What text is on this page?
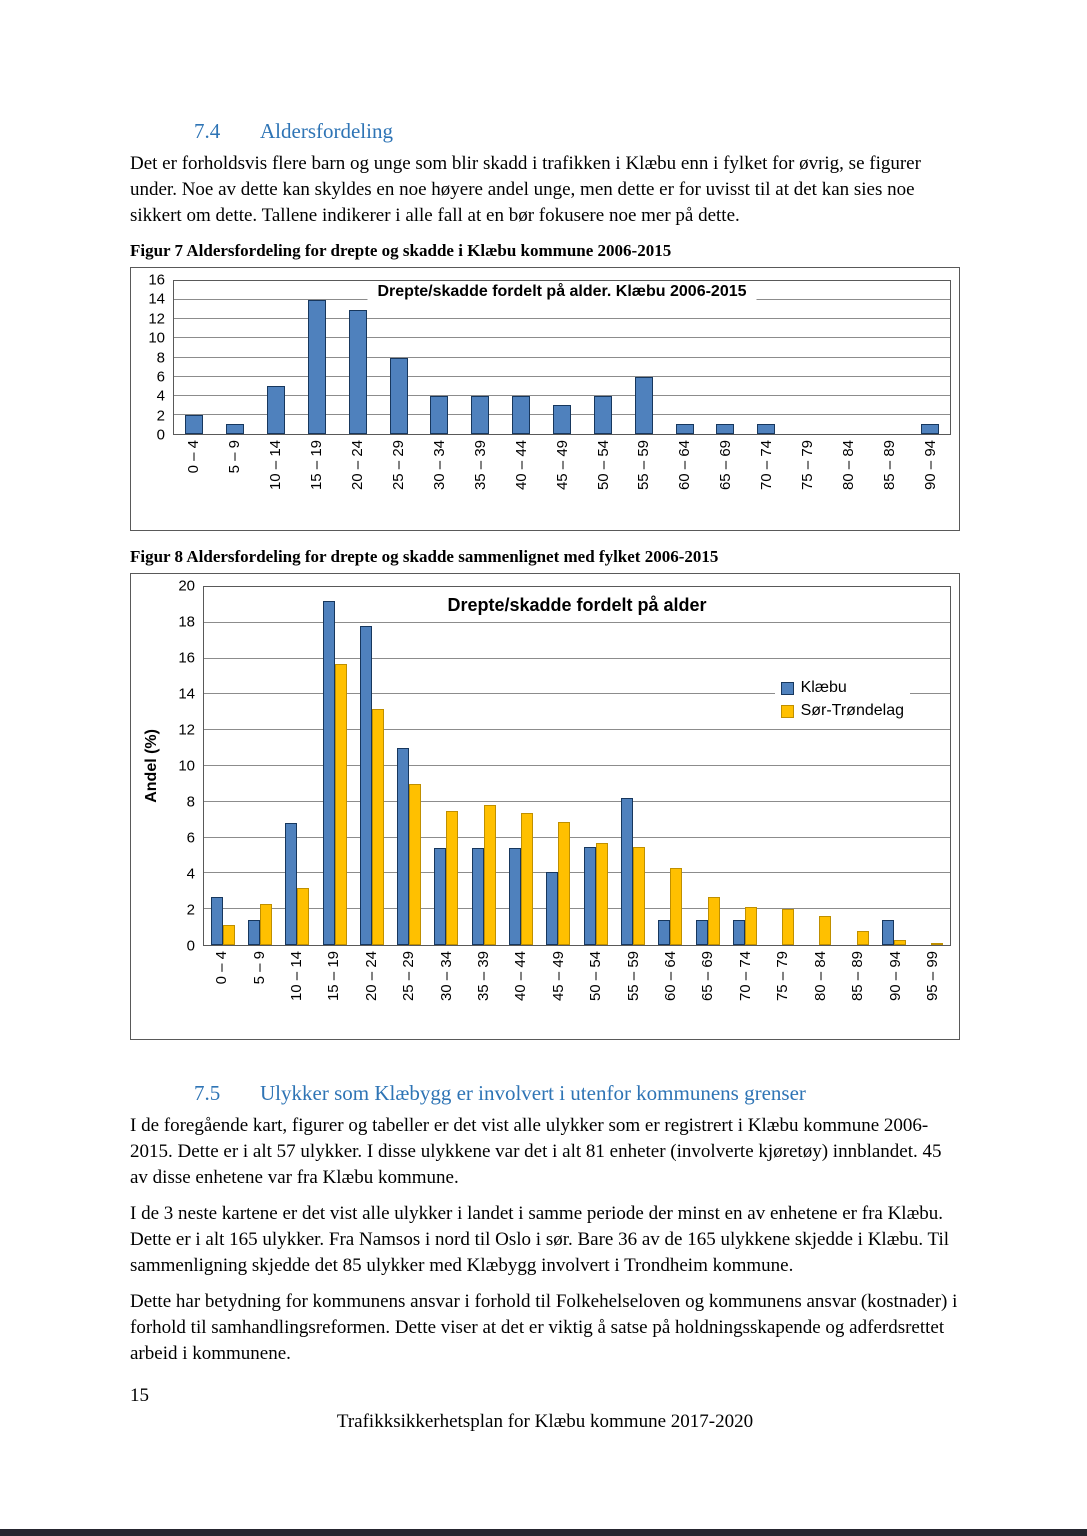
7.4	Aldersfordeling

Det er forholdsvis flere barn og unge som blir skadd i trafikken i Klæbu enn i fylket for øvrig, se figurer under. Noe av dette kan skyldes en noe høyere andel unge, men dette er for uvisst til at det kan sies noe sikkert om dette. Tallene indikerer i alle fall at en bør fokusere noe mer på dette.

Figur 7 Aldersfordeling for drepte og skadde i Klæbu kommune 2006-2015
0
2
4
6
8
10
12
14
16
Drepte/skadde fordelt på alder. Klæbu 2006-2015
0 – 4 5 – 9 10 – 14 15 – 19 20 – 24 25 – 29 30 – 34 35 – 39 40 – 44 45 – 49 50 – 54 55 – 59 60 – 64 65 – 69 70 – 74 75 – 79 80 – 84 85 – 89 90 – 94
Figur 8 Aldersfordeling for drepte og skadde sammenlignet med fylket 2006-2015
Andel (%)
0
2
4
6
8
10
12
14
16
18
20
Drepte/skadde fordelt på alder
Klæbu
Sør-Trøndelag
0 – 4 5 – 9 10 – 14 15 – 19 20 – 24 25 – 29 30 – 34 35 – 39 40 – 44 45 – 49 50 – 54 55 – 59 60 – 64 65 – 69 70 – 74 75 – 79 80 – 84 85 – 89 90 – 94 95 – 99
7.5	Ulykker som Klæbygg er involvert i utenfor kommunens grenser

I de foregående kart, figurer og tabeller er det vist alle ulykker som er registrert i Klæbu kommune 2006-2015. Dette er i alt 57 ulykker. I disse ulykkene var det i alt 81 enheter (involverte kjøretøy) innblandet. 45 av disse enhetene var fra Klæbu kommune.

I de 3 neste kartene er det vist alle ulykker i landet i samme periode der minst en av enhetene er fra Klæbu. Dette er i alt 165 ulykker. Fra Namsos i nord til Oslo i sør. Bare 36 av de 165 ulykkene skjedde i Klæbu. Til sammenligning skjedde det 85 ulykker med Klæbygg involvert i Trondheim kommune.

Dette har betydning for kommunens ansvar i forhold til Folkehelseloven og kommunens ansvar (kostnader) i forhold til samhandlingsreformen. Dette viser at det er viktig å satse på holdningsskapende og adferdsrettet arbeid i kommunene.

15
Trafikksikkerhetsplan for Klæbu kommune 2017-2020
